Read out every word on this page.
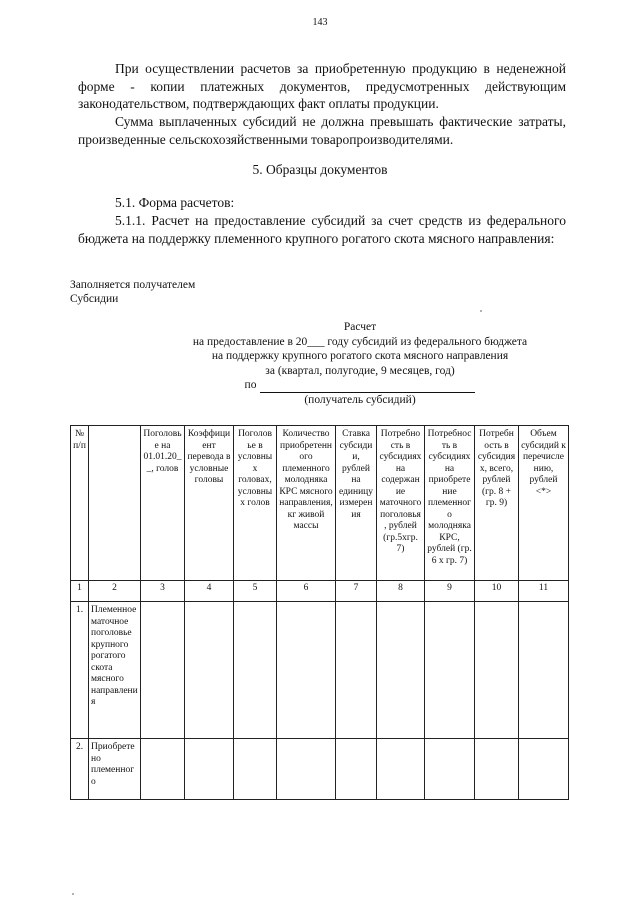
143
При осуществлении расчетов за приобретенную продукцию в неденежной форме - копии платежных документов, предусмотренных действующим законодательством, подтверждающих факт оплаты продукции.
Сумма выплаченных субсидий не должна превышать фактические затраты, произведенные сельскохозяйственными товаропроизводителями.
5. Образцы документов
5.1. Форма расчетов:
5.1.1. Расчет на предоставление субсидий за счет средств из федерального бюджета на поддержку племенного крупного рогатого скота мясного направления:
Заполняется получателем
Субсидии
Расчет
на предоставление в 20___ году субсидий из федерального бюджета
на поддержку крупного рогатого скота мясного направления
за (квартал, полугодие, 9 месяцев, год)
по
(получатель субсидий)
№ п/п		Поголовье на 01.01.20__, голов	Коэффициент перевода в условные головы	Поголовье в условных головах, условных голов	Количество приобретенного племенного молодняка КРС мясного направления, кг живой массы	Ставка субсидии, рублей на единицу измерения	Потребность в субсидиях на содержание маточного поголовья, рублей (гр.5хгр. 7)	Потребность в субсидиях на приобретение племенного молодняка КРС, рублей (гр. 6 х гр. 7)	Потребность в субсидиях, всего, рублей (гр. 8 + гр. 9)	Объем субсидий к перечислению, рублей <*>
1	2	3	4	5	6	7	8	9	10	11
1.	Племенное маточное поголовье крупного рогатого скота мясного направления									
2.	Приобретено племенного									
